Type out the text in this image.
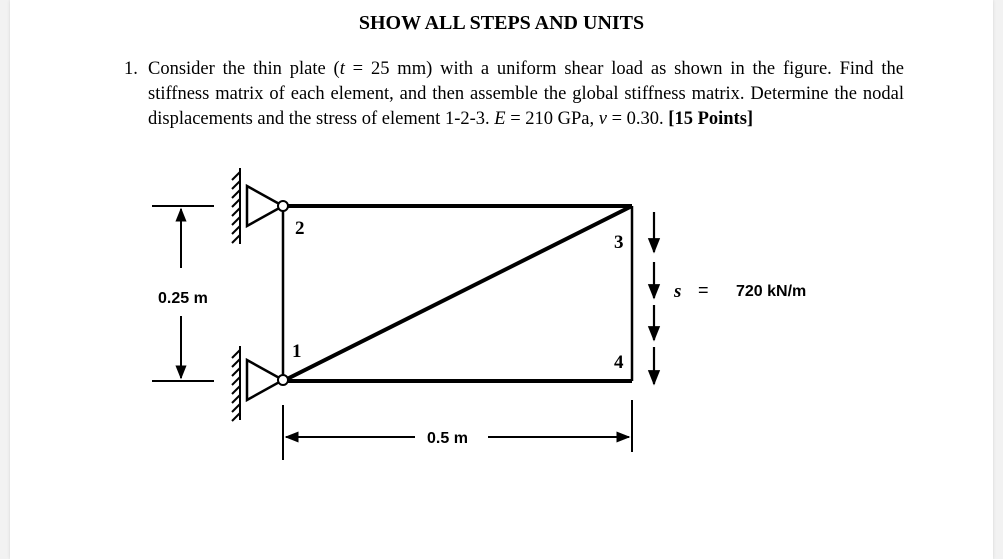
SHOW ALL STEPS AND UNITS
1. Consider the thin plate (t = 25 mm) with a uniform shear load as shown in the figure. Find the stiffness matrix of each element, and then assemble the global stiffness matrix. Determine the nodal displacements and the stress of element 1-2-3. E = 210 GPa, v = 0.30. [15 Points]
1
2
3
4
0.25 m
0.5 m
s = 720 kN/m
